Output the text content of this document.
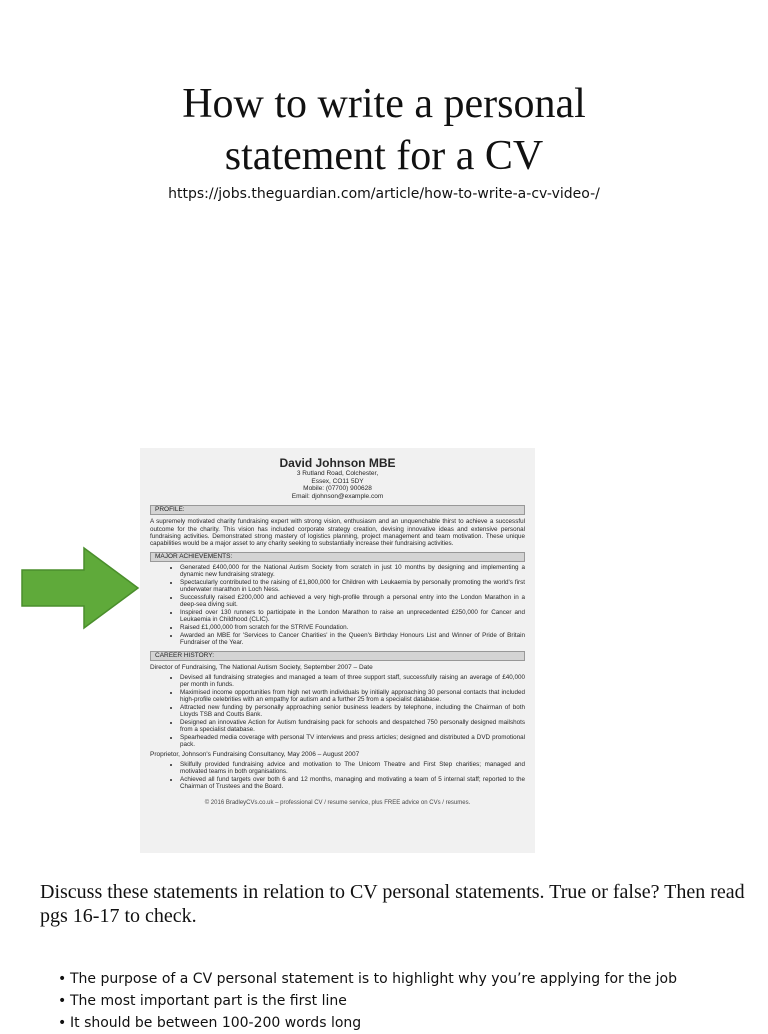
How to write a personal
statement for a CV
https://jobs.theguardian.com/article/how-to-write-a-cv-video-/
David Johnson MBE
3 Rutland Road, Colchester,
Essex, CO11 5DY
Mobile: (07700) 900628
Email: djohnson@example.com
PROFILE:
A supremely motivated charity fundraising expert with strong vision, enthusiasm and an unquenchable thirst to achieve a successful outcome for the charity. This vision has included corporate strategy creation, devising innovative ideas and extensive personal fundraising activities. Demonstrated strong mastery of logistics planning, project management and team motivation. These unique capabilities would be a major asset to any charity seeking to substantially increase their fundraising activities.
MAJOR ACHIEVEMENTS:
• Generated £400,000 for the National Autism Society from scratch in just 10 months by designing and implementing a dynamic new fundraising strategy.
• Spectacularly contributed to the raising of £1,800,000 for Children with Leukaemia by personally promoting the world's first underwater marathon in Loch Ness.
• Successfully raised £200,000 and achieved a very high-profile through a personal entry into the London Marathon in a deep-sea diving suit.
• Inspired over 130 runners to participate in the London Marathon to raise an unprecedented £250,000 for Cancer and Leukaemia in Childhood (CLIC).
• Raised £1,000,000 from scratch for the STRIVE Foundation.
• Awarded an MBE for 'Services to Cancer Charities' in the Queen's Birthday Honours List and Winner of Pride of Britain Fundraiser of the Year.
CAREER HISTORY:
Director of Fundraising, The National Autism Society, September 2007 – Date
• Devised all fundraising strategies and managed a team of three support staff, successfully raising an average of £40,000 per month in funds.
• Maximised income opportunities from high net worth individuals by initially approaching 30 personal contacts that included high-profile celebrities with an empathy for autism and a further 25 from a specialist database.
• Attracted new funding by personally approaching senior business leaders by telephone, including the Chairman of both Lloyds TSB and Coutts Bank.
• Designed an innovative Action for Autism fundraising pack for schools and despatched 750 personally designed mailshots from a specialist database.
• Spearheaded media coverage with personal TV interviews and press articles; designed and distributed a DVD promotional pack.
Proprietor, Johnson's Fundraising Consultancy, May 2006 – August 2007
• Skilfully provided fundraising advice and motivation to The Unicorn Theatre and First Step charities; managed and motivated teams in both organisations.
• Achieved all fund targets over both 6 and 12 months, managing and motivating a team of 5 internal staff; reported to the Chairman of Trustees and the Board.
© 2016 BradleyCVs.co.uk – professional CV / resume service, plus FREE advice on CVs / resumes.
Discuss these statements in relation to CV personal statements. True or false? Then read pgs 16-17 to check.
• The purpose of a CV personal statement is to highlight why you’re applying for the job
• The most important part is the first line
• It should be between 100-200 words long
